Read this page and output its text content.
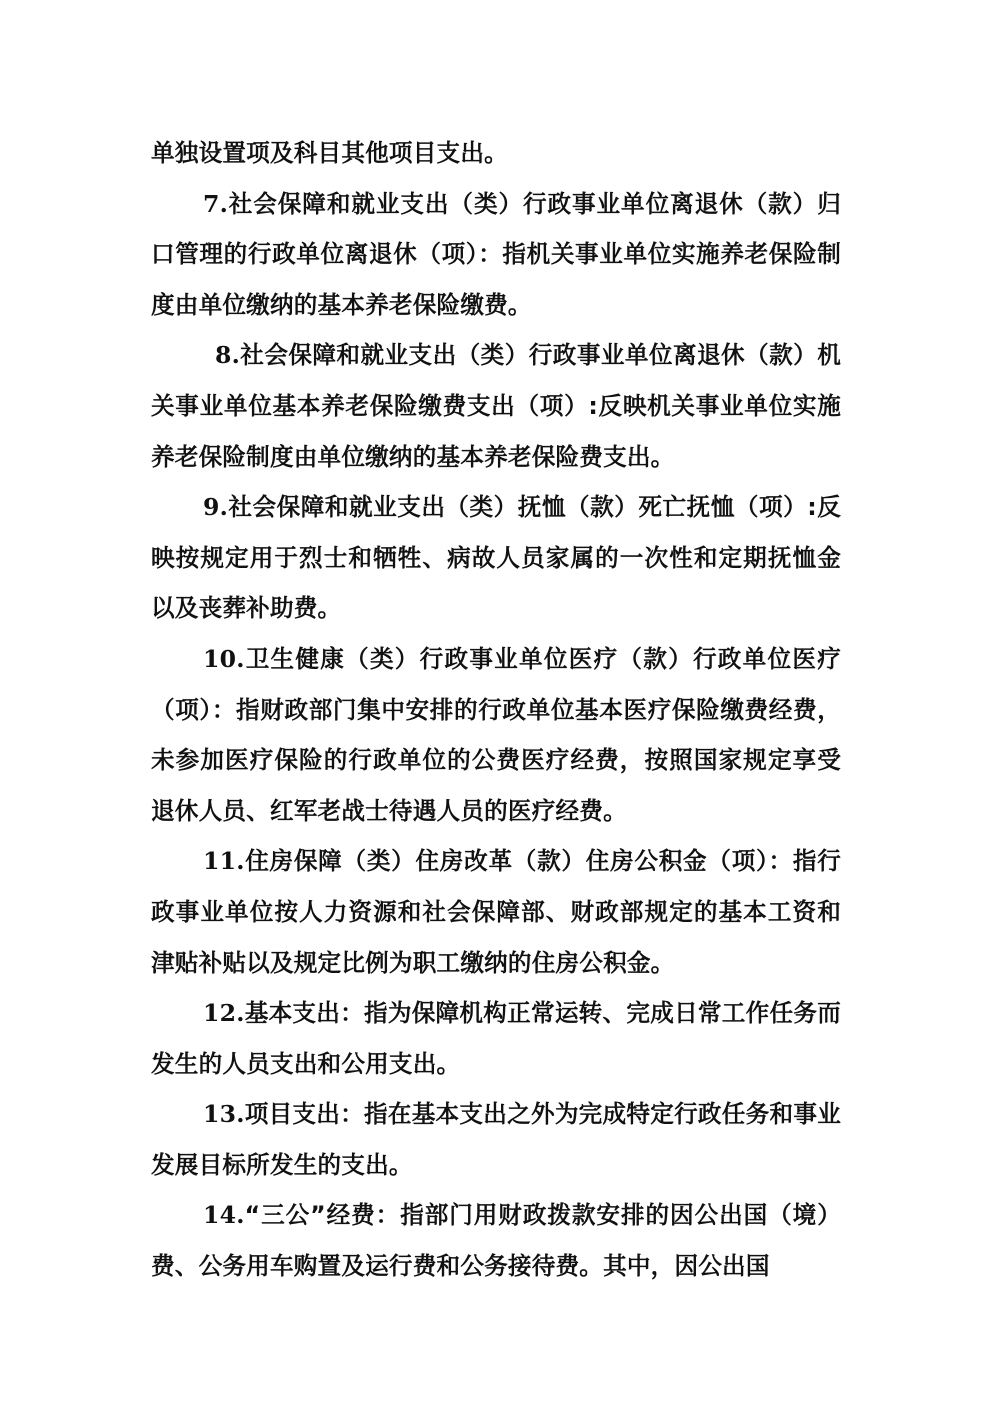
单独设置项及科目其他项目支出。

7.社会保障和就业支出（类）行政事业单位离退休（款）归口管理的行政单位离退休（项）：指机关事业单位实施养老保险制度由单位缴纳的基本养老保险缴费。

8.社会保障和就业支出（类）行政事业单位离退休（款）机关事业单位基本养老保险缴费支出（项）:反映机关事业单位实施养老保险制度由单位缴纳的基本养老保险费支出。

9.社会保障和就业支出（类）抚恤（款）死亡抚恤（项）:反映按规定用于烈士和牺牲、病故人员家属的一次性和定期抚恤金以及丧葬补助费。

10.卫生健康（类）行政事业单位医疗（款）行政单位医疗（项）：指财政部门集中安排的行政单位基本医疗保险缴费经费，未参加医疗保险的行政单位的公费医疗经费，按照国家规定享受退休人员、红军老战士待遇人员的医疗经费。

11.住房保障（类）住房改革（款）住房公积金（项）：指行政事业单位按人力资源和社会保障部、财政部规定的基本工资和津贴补贴以及规定比例为职工缴纳的住房公积金。

12.基本支出：指为保障机构正常运转、完成日常工作任务而发生的人员支出和公用支出。

13.项目支出：指在基本支出之外为完成特定行政任务和事业发展目标所发生的支出。

14.“三公”经费：指部门用财政拨款安排的因公出国（境）费、公务用车购置及运行费和公务接待费。其中，因公出国
